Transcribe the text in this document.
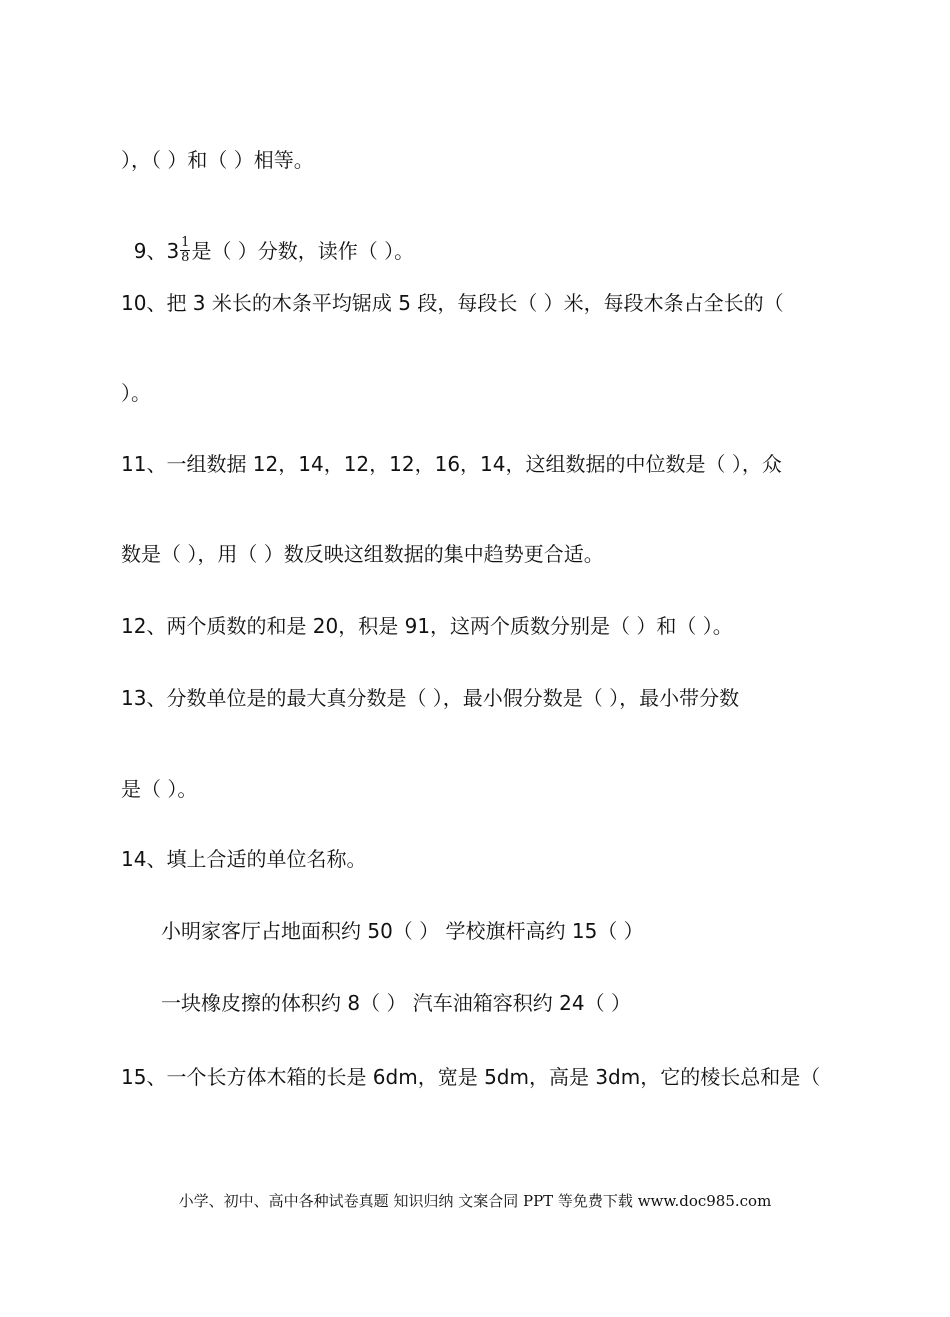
），（ ）和（ ）相等。

9、$3 \frac{1}{8}$ 是（ ）分数，读作（ ）。

10、把 3 米长的木条平均锯成 5 段，每段长（ ）米，每段木条占全长的（
）。
11、一组数据 12，14，12，12，16，14，这组数据的中位数是（ ），众
数是（ ），用（ ）数反映这组数据的集中趋势更合适。
12、两个质数的和是 20，积是 91，这两个质数分别是（ ）和（ ）。
13、分数单位是的最大真分数是（ ），最小假分数是（ ），最小带分数
是（ ）。
14、填上合适的单位名称。
小明家客厅占地面积约 50（ ） 学校旗杆高约 15（ ）
一块橡皮擦的体积约 8（ ） 汽车油箱容积约 24（ ）
15、一个长方体木箱的长是 6dm，宽是 5dm，高是 3dm，它的棱长总和是（
小学、初中、高中各种试卷真题 知识归纳 文案合同 PPT 等免费下载 www.doc985.com
